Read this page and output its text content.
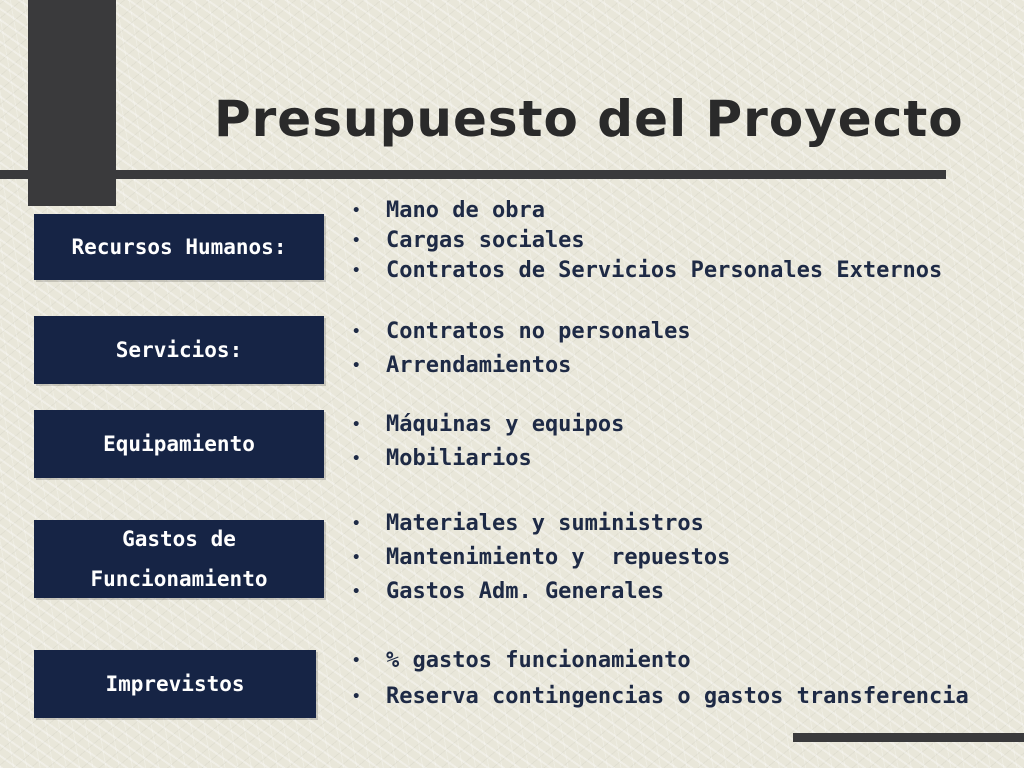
Presupuesto del Proyecto
Recursos Humanos:
• Mano de obra
• Cargas sociales
• Contratos de Servicios Personales Externos
Servicios:
• Contratos no personales
• Arrendamientos
Equipamiento
• Máquinas y equipos
• Mobiliarios
Gastos de
Funcionamiento
• Materiales y suministros
• Mantenimiento y  repuestos
• Gastos Adm. Generales
Imprevistos
• % gastos funcionamiento
• Reserva contingencias o gastos transferencia
